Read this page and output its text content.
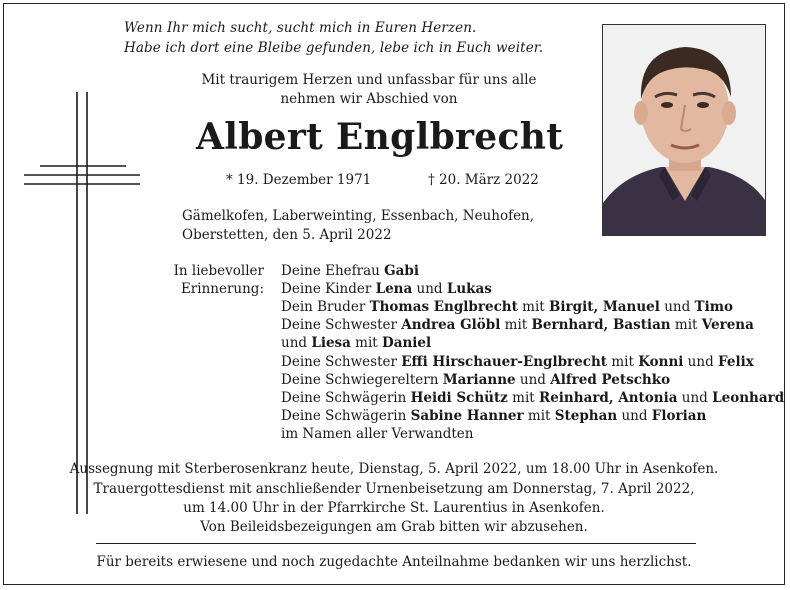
Wenn Ihr mich sucht, sucht mich in Euren Herzen.
Habe ich dort eine Bleibe gefunden, lebe ich in Euch weiter.
Mit traurigem Herzen und unfassbar für uns alle
nehmen wir Abschied von
Albert Englbrecht
* 19. Dezember 1971	† 20. März 2022
Gämelkofen, Laberweinting, Essenbach, Neuhofen,
Oberstetten, den 5. April 2022
In liebevoller
Erinnerung:
Deine Ehefrau Gabi
Deine Kinder Lena und Lukas
Dein Bruder Thomas Englbrecht mit Birgit, Manuel und Timo
Deine Schwester Andrea Glöbl mit Bernhard, Bastian mit Verena
und Liesa mit Daniel
Deine Schwester Effi Hirschauer-Englbrecht mit Konni und Felix
Deine Schwiegereltern Marianne und Alfred Petschko
Deine Schwägerin Heidi Schütz mit Reinhard, Antonia und Leonhard
Deine Schwägerin Sabine Hanner mit Stephan und Florian
im Namen aller Verwandten
Aussegnung mit Sterberosenkranz heute, Dienstag, 5. April 2022, um 18.00 Uhr in Asenkofen.
Trauergottesdienst mit anschließender Urnenbeisetzung am Donnerstag, 7. April 2022,
um 14.00 Uhr in der Pfarrkirche St. Laurentius in Asenkofen.
Von Beileidsbezeigungen am Grab bitten wir abzusehen.
Für bereits erwiesene und noch zugedachte Anteilnahme bedanken wir uns herzlichst.
